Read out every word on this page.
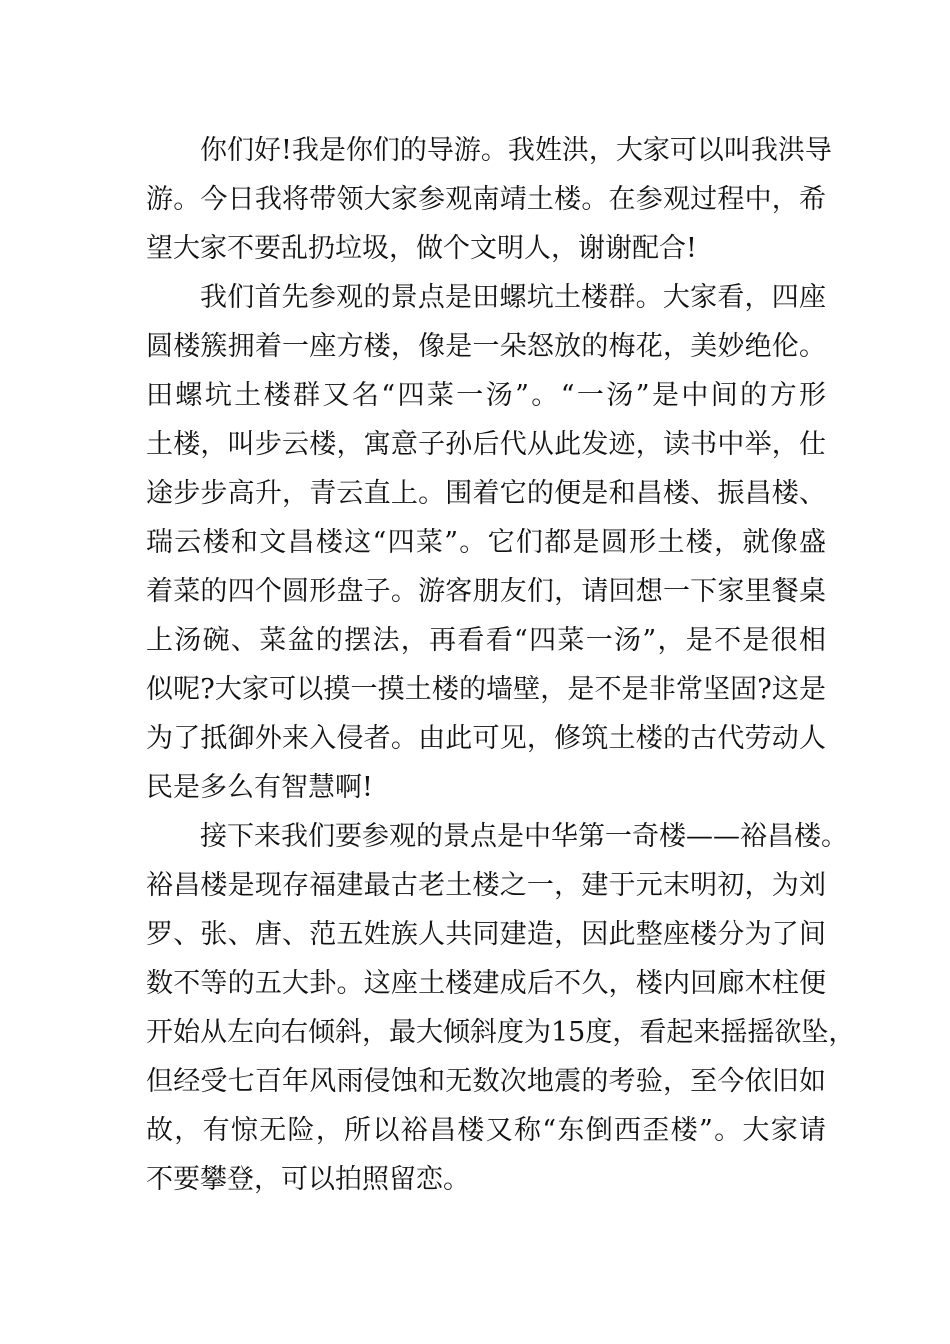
你们好!我是你们的导游。我姓洪，大家可以叫我洪导
游。今日我将带领大家参观南靖土楼。在参观过程中，希
望大家不要乱扔垃圾，做个文明人，谢谢配合!
我们首先参观的景点是田螺坑土楼群。大家看，四座
圆楼簇拥着一座方楼，像是一朵怒放的梅花，美妙绝伦。
田螺坑土楼群又名“四菜一汤”。“一汤”是中间的方形
土楼，叫步云楼，寓意子孙后代从此发迹，读书中举，仕
途步步高升，青云直上。围着它的便是和昌楼、振昌楼、
瑞云楼和文昌楼这“四菜”。它们都是圆形土楼，就像盛
着菜的四个圆形盘子。游客朋友们，请回想一下家里餐桌
上汤碗、菜盆的摆法，再看看“四菜一汤”，是不是很相
似呢?大家可以摸一摸土楼的墙壁，是不是非常坚固?这是
为了抵御外来入侵者。由此可见，修筑土楼的古代劳动人
民是多么有智慧啊!
接下来我们要参观的景点是中华第一奇楼——裕昌楼。
裕昌楼是现存福建最古老土楼之一，建于元末明初，为刘
罗、张、唐、范五姓族人共同建造，因此整座楼分为了间
数不等的五大卦。这座土楼建成后不久，楼内回廊木柱便
开始从左向右倾斜，最大倾斜度为15度，看起来摇摇欲坠，
但经受七百年风雨侵蚀和无数次地震的考验，至今依旧如
故，有惊无险，所以裕昌楼又称“东倒西歪楼”。大家请
不要攀登，可以拍照留恋。
